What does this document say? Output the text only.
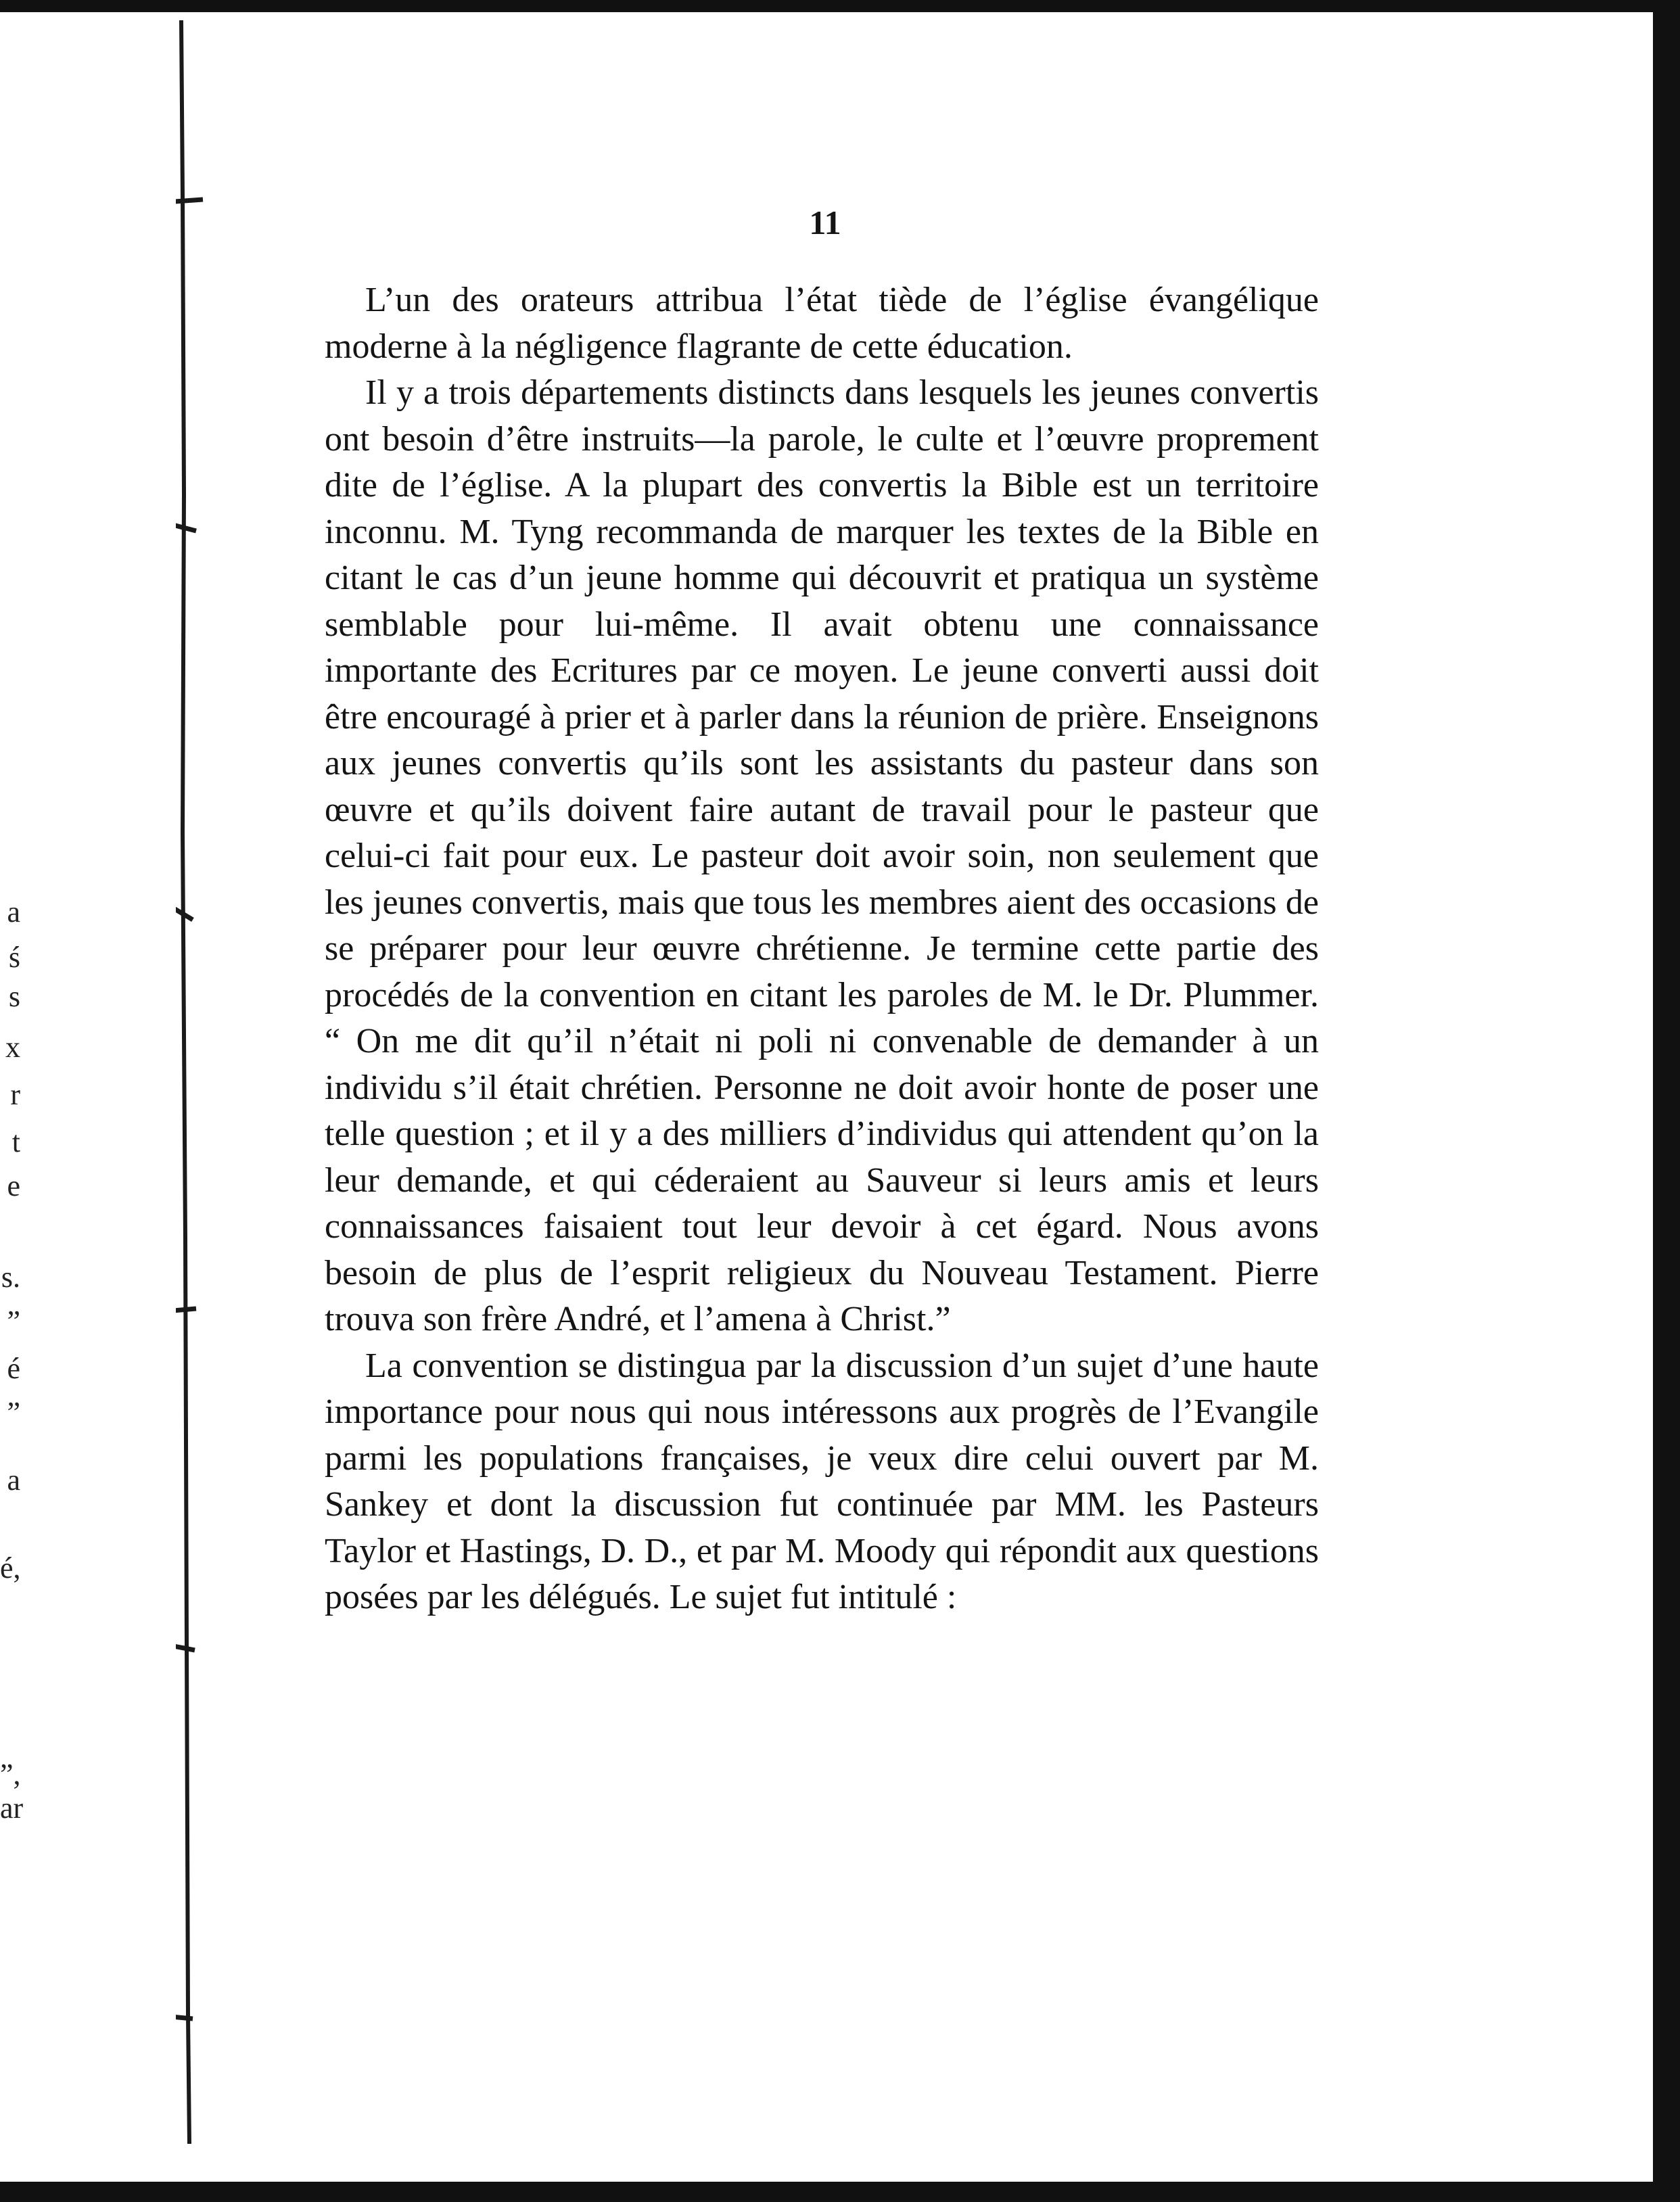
a
ś
s
x
r
t
e
s.
”
é
”
a
é,
”,
ar
11

L’un des orateurs attribua l’état tiède de l’église évangélique moderne à la négligence flagrante de cette éducation.

Il y a trois départements distincts dans lesquels les jeunes convertis ont besoin d’être instruits—la parole, le culte et l’œuvre proprement dite de l’église. A la plupart des convertis la Bible est un territoire inconnu. M. Tyng recommanda de marquer les textes de la Bible en citant le cas d’un jeune homme qui découvrit et pratiqua un système semblable pour lui-même. Il avait obtenu une connaissance importante des Ecritures par ce moyen. Le jeune converti aussi doit être encouragé à prier et à parler dans la réunion de prière. Enseignons aux jeunes convertis qu’ils sont les assistants du pasteur dans son œuvre et qu’ils doivent faire autant de travail pour le pasteur que celui-ci fait pour eux. Le pasteur doit avoir soin, non seulement que les jeunes convertis, mais que tous les membres aient des occasions de se préparer pour leur œuvre chrétienne. Je termine cette partie des procédés de la convention en citant les paroles de M. le Dr. Plummer. “ On me dit qu’il n’était ni poli ni convenable de demander à un individu s’il était chrétien. Personne ne doit avoir honte de poser une telle question ; et il y a des milliers d’individus qui attendent qu’on la leur demande, et qui céderaient au Sauveur si leurs amis et leurs connaissances faisaient tout leur devoir à cet égard. Nous avons besoin de plus de l’esprit religieux du Nouveau Testament. Pierre trouva son frère André, et l’amena à Christ.”

La convention se distingua par la discussion d’un sujet d’une haute importance pour nous qui nous intéressons aux progrès de l’Evangile parmi les populations françaises, je veux dire celui ouvert par M. Sankey et dont la discussion fut continuée par MM. les Pasteurs Taylor et Hastings, D. D., et par M. Moody qui répondit aux questions posées par les délégués. Le sujet fut intitulé :
